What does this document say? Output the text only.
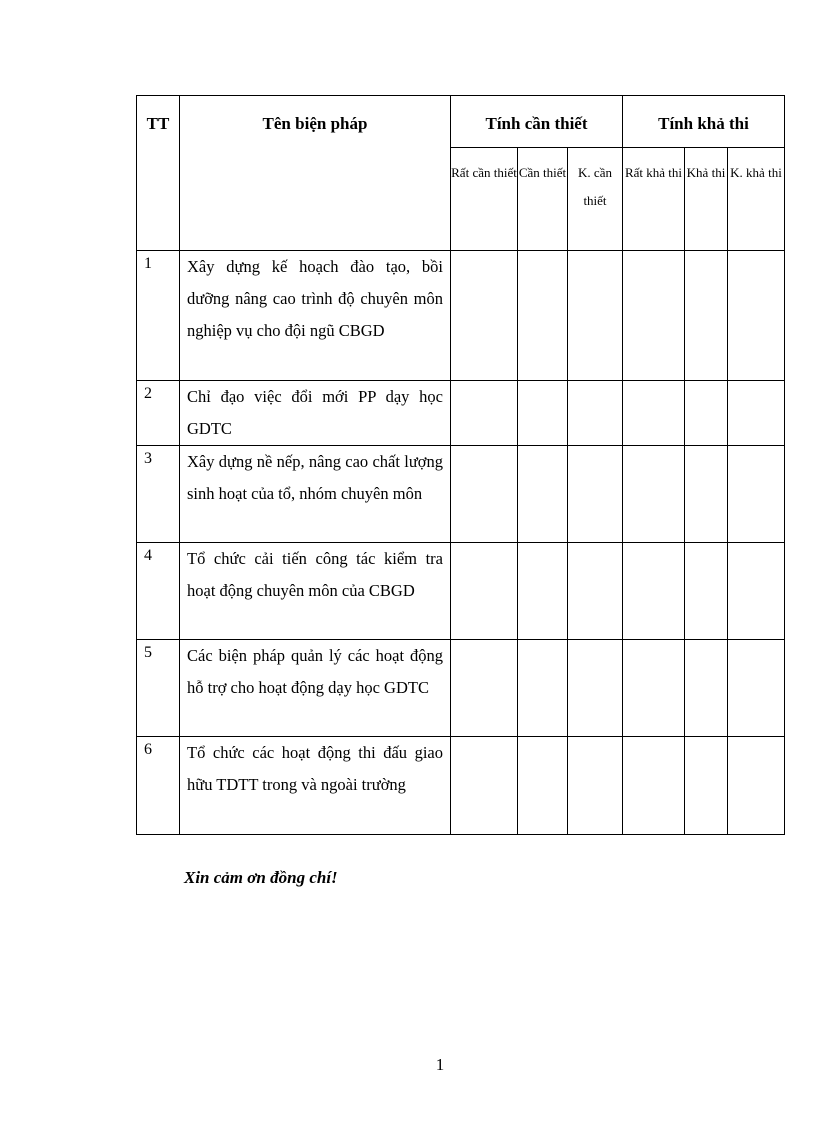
TT	Tên biện pháp	Tính cần thiết			Tính khả thi		
		Rất cần thiết	Cần thiết	K. cần thiết	Rất khả thi	Khả thi	K. khả thi
1	Xây dựng kế hoạch đào tạo, bồi dưỡng nâng cao trình độ chuyên môn nghiệp vụ cho đội ngũ CBGD						

2	Chỉ đạo việc đổi mới PP dạy học GDTC						

3	Xây dựng nề nếp, nâng cao chất lượng sinh hoạt của tổ, nhóm chuyên môn						

4	Tổ chức cải tiến công tác kiểm tra hoạt động chuyên môn của CBGD						

5	Các biện pháp quản lý các hoạt động hỗ trợ cho hoạt động dạy học GDTC						

6	Tổ chức các hoạt động thi đấu giao hữu TDTT trong và ngoài trường						

Xin cảm ơn đồng chí!
1
